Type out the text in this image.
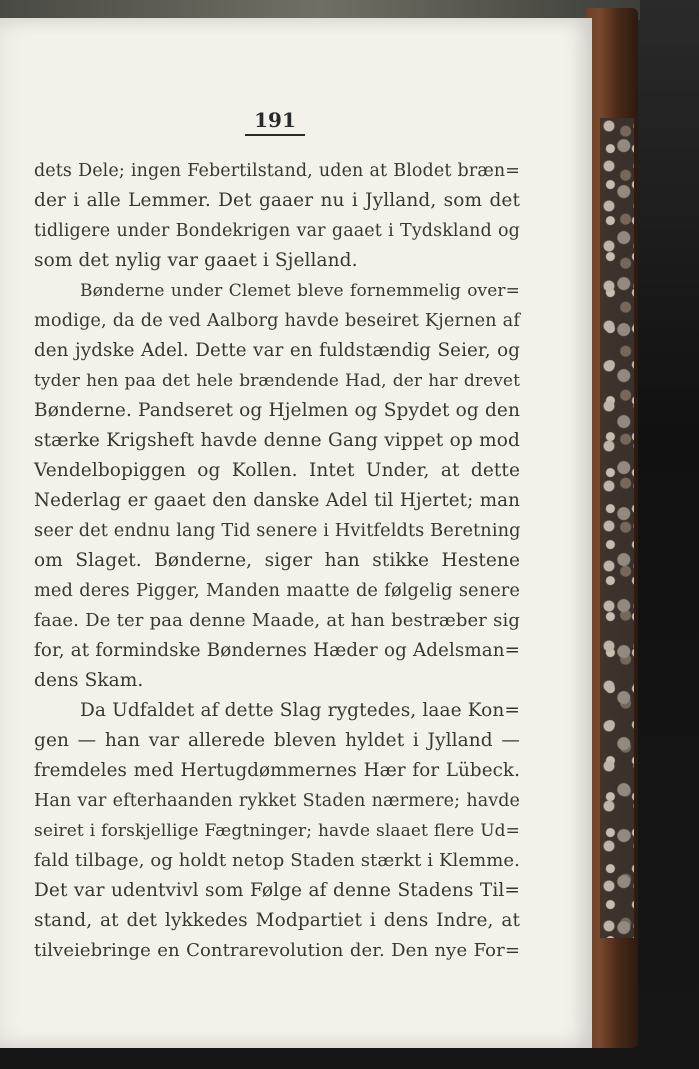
191
dets Dele; ingen Febertilstand, uden at Blodet bræn=
der i alle Lemmer. Det gaaer nu i Jylland, som det
tidligere under Bondekrigen var gaaet i Tydskland og
som det nylig var gaaet i Sjelland.
Bønderne under Clemet bleve fornemmelig over=
modige, da de ved Aalborg havde beseiret Kjernen af
den jydske Adel. Dette var en fuldstændig Seier, og
tyder hen paa det hele brændende Had, der har drevet
Bønderne. Pandseret og Hjelmen og Spydet og den
stærke Krigsheft havde denne Gang vippet op mod
Vendelbopiggen og Kollen. Intet Under, at dette
Nederlag er gaaet den danske Adel til Hjertet; man
seer det endnu lang Tid senere i Hvitfeldts Beretning
om Slaget. Bønderne, siger han stikke Hestene
med deres Pigger, Manden maatte de følgelig senere
faae. De ter paa denne Maade, at han bestræber sig
for, at formindske Bøndernes Hæder og Adelsman=
dens Skam.
Da Udfaldet af dette Slag rygtedes, laae Kon=
gen — han var allerede bleven hyldet i Jylland —
fremdeles med Hertugdømmernes Hær for Lübeck.
Han var efterhaanden rykket Staden nærmere; havde
seiret i forskjellige Fægtninger; havde slaaet flere Ud=
fald tilbage, og holdt netop Staden stærkt i Klemme.
Det var udentvivl som Følge af denne Stadens Til=
stand, at det lykkedes Modpartiet i dens Indre, at
tilveiebringe en Contrarevolution der. Den nye For=
